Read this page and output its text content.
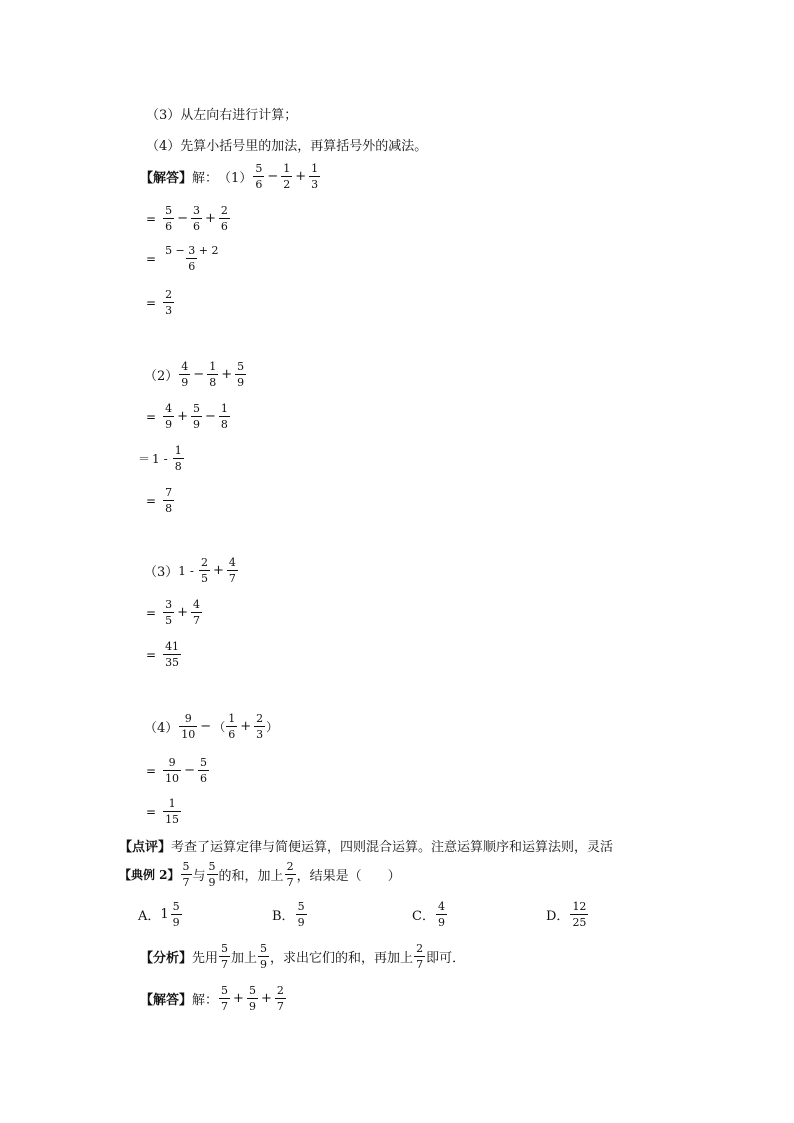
（3）从左向右进行计算；
（4）先算小括号里的加法，再算括号外的减法。
【解答】 解： $(1) \frac{5}{6} - \frac{1}{2} + \frac{1}{3}$
= $\frac{5}{6} - \frac{3}{6} + \frac{2}{6}$
= $\frac{5 - 3 + 2}{6}$
= $\frac{2}{3}$
$(2) \frac{4}{9} - \frac{1}{8} + \frac{5}{9}$
= $\frac{4}{9} + \frac{5}{9} - \frac{1}{8}$
＝ $1 - \frac{1}{8}$
= $\frac{7}{8}$
（3） $1 - \frac{2}{5} + \frac{4}{7}$
= $\frac{3}{5} + \frac{4}{7}$
= $\frac{41}{35}$
$(4) \frac{9}{10}$ − （ $\frac{1}{6} + \frac{2}{3}$ ）
= $\frac{9}{10} - \frac{5}{6}$
= $\frac{1}{15}$
【点评】 考查了运算定律与简便运算，四则混合运算。注意运算顺序和运算法则，灵活
【典例 2】 $\frac{5}{7}$ 与 $\frac{5}{9}$ 的和，加上 $\frac{2}{7}$ ，结果是（　　）
A． $1 \frac{5}{9}$	B． $\frac{5}{9}$	C． $\frac{4}{9}$	D． $\frac{12}{25}$
【分析】 先用 $\frac{5}{7}$ 加上 $\frac{5}{9}$ ，求出它们的和，再加上 $\frac{2}{7}$ 即可．
【解答】 解： $\frac{5}{7} + \frac{5}{9} + \frac{2}{7}$
